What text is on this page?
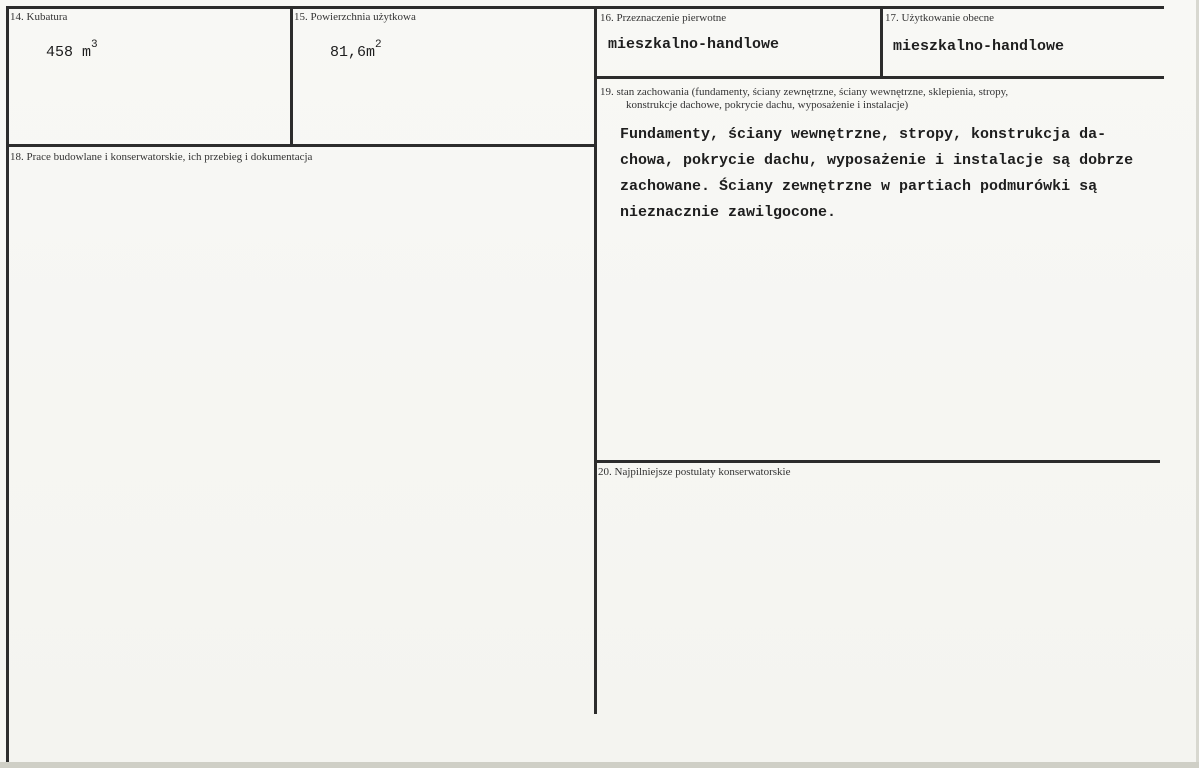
14. Kubatura
458 $m^3$
15. Powierzchnia użytkowa
$81,6m^2$
16. Przeznaczenie pierwotne
mieszkalno-handlowe
17. Użytkowanie obecne
mieszkalno-handlowe
18. Prace budowlane i konserwatorskie, ich przebieg i dokumentacja
19. stan zachowania (fundamenty, ściany zewnętrzne, ściany wewnętrzne, sklepienia, stropy,
konstrukcje dachowe, pokrycie dachu, wyposażenie i instalacje)
Fundamenty, ściany wewnętrzne, stropy, konstrukcja da-
chowa, pokrycie dachu, wyposażenie i instalacje są dobrze
zachowane. Ściany zewnętrzne w partiach podmurówki są
nieznacznie zawilgocone.
20. Najpilniejsze postulaty konserwatorskie
